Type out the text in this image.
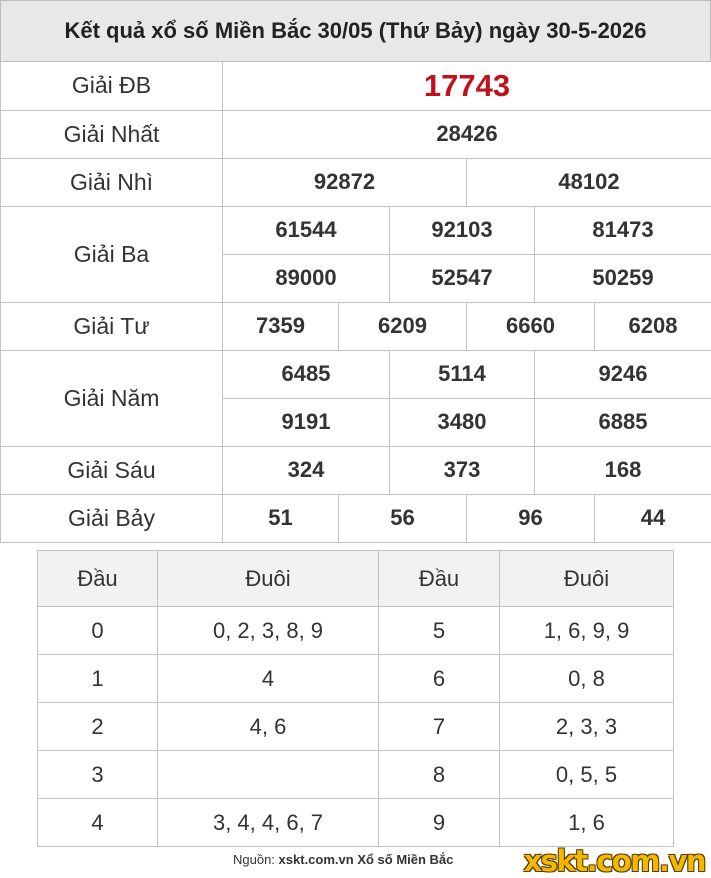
Kết quả xổ số Miền Bắc 30/05 (Thứ Bảy) ngày 30-5-2026
Giải ĐB	17743					
Giải Nhất	28426					
Giải Nhì	92872			48102		
Giải Ba	61544		92103		81473	
	89000		52547		50259	
Giải Tư	7359	6209		6660		6208
Giải Năm	6485		5114		9246	
	9191		3480		6885	
Giải Sáu	324		373		168	
Giải Bảy	51	56		96		44
Đầu	Đuôi	Đầu	Đuôi
0	0, 2, 3, 8, 9	5	1, 6, 9, 9
1	4	6	0, 8
2	4, 6	7	2, 3, 3
3		8	0, 5, 5
4	3, 4, 4, 6, 7	9	1, 6
Nguồn: xskt.com.vn Xổ số Miền Bắc xskt.com.vn
